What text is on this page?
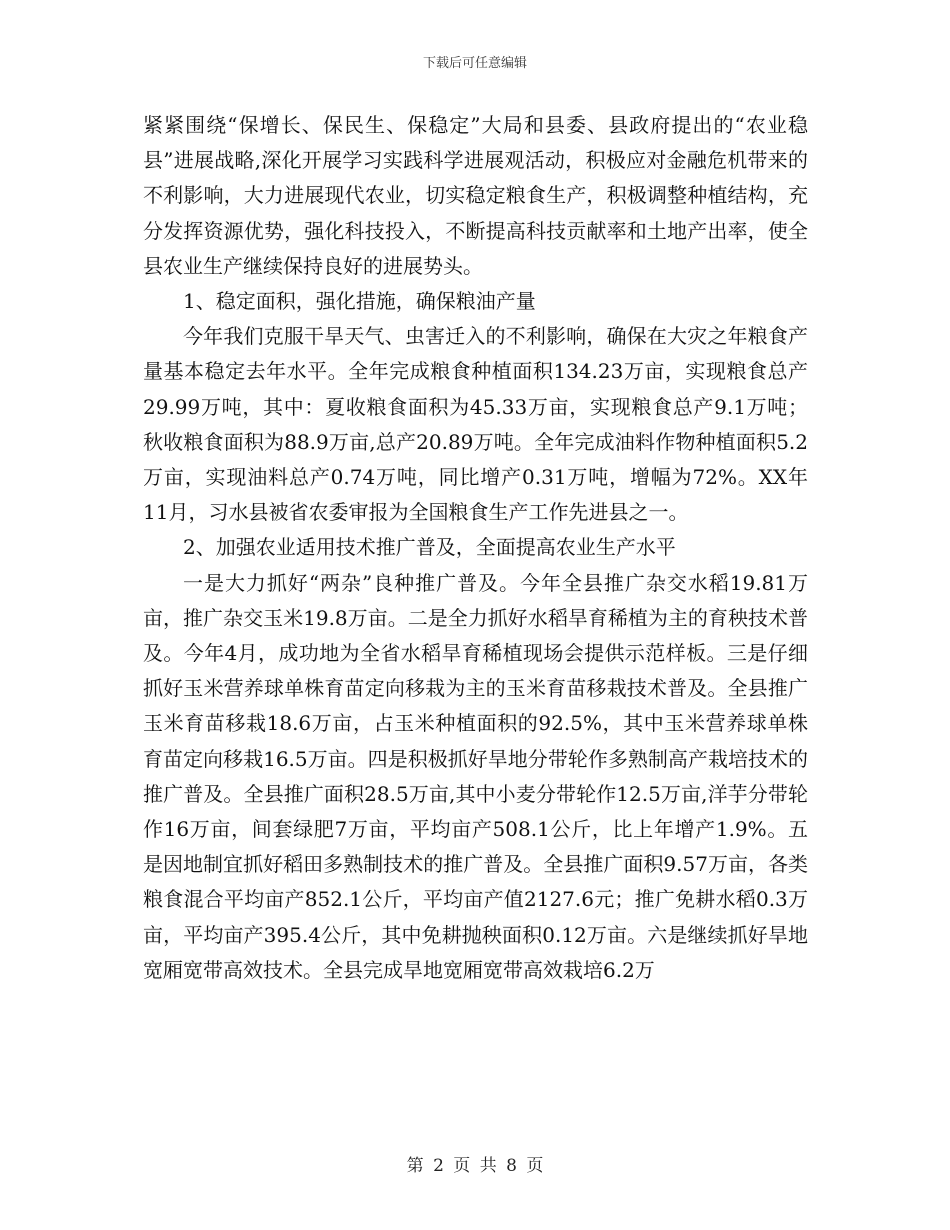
下载后可任意编辑

紧紧围绕“保增长、保民生、保稳定”大局和县委、县政府提出的“农业稳县”进展战略,深化开展学习实践科学进展观活动，积极应对金融危机带来的不利影响，大力进展现代农业，切实稳定粮食生产，积极调整种植结构，充分发挥资源优势，强化科技投入，不断提高科技贡献率和土地产出率，使全县农业生产继续保持良好的进展势头。

1、稳定面积，强化措施，确保粮油产量

今年我们克服干旱天气、虫害迁入的不利影响，确保在大灾之年粮食产量基本稳定去年水平。全年完成粮食种植面积134.23万亩，实现粮食总产29.99万吨，其中：夏收粮食面积为45.33万亩，实现粮食总产9.1万吨；秋收粮食面积为88.9万亩,总产20.89万吨。全年完成油料作物种植面积5.2万亩，实现油料总产0.74万吨，同比增产0.31万吨，增幅为72%。XX年11月，习水县被省农委审报为全国粮食生产工作先进县之一。

2、加强农业适用技术推广普及，全面提高农业生产水平

一是大力抓好“两杂”良种推广普及。今年全县推广杂交水稻19.81万亩，推广杂交玉米19.8万亩。二是全力抓好水稻旱育稀植为主的育秧技术普及。今年4月，成功地为全省水稻旱育稀植现场会提供示范样板。三是仔细抓好玉米营养球单株育苗定向移栽为主的玉米育苗移栽技术普及。全县推广玉米育苗移栽18.6万亩，占玉米种植面积的92.5%，其中玉米营养球单株育苗定向移栽16.5万亩。四是积极抓好旱地分带轮作多熟制高产栽培技术的推广普及。全县推广面积28.5万亩,其中小麦分带轮作12.5万亩,洋芋分带轮作16万亩，间套绿肥7万亩，平均亩产508.1公斤，比上年增产1.9%。五是因地制宜抓好稻田多熟制技术的推广普及。全县推广面积9.57万亩，各类粮食混合平均亩产852.1公斤，平均亩产值2127.6元；推广免耕水稻0.3万亩，平均亩产395.4公斤，其中免耕抛秧面积0.12万亩。六是继续抓好旱地宽厢宽带高效技术。全县完成旱地宽厢宽带高效栽培6.2万

第 2 页 共 8 页
